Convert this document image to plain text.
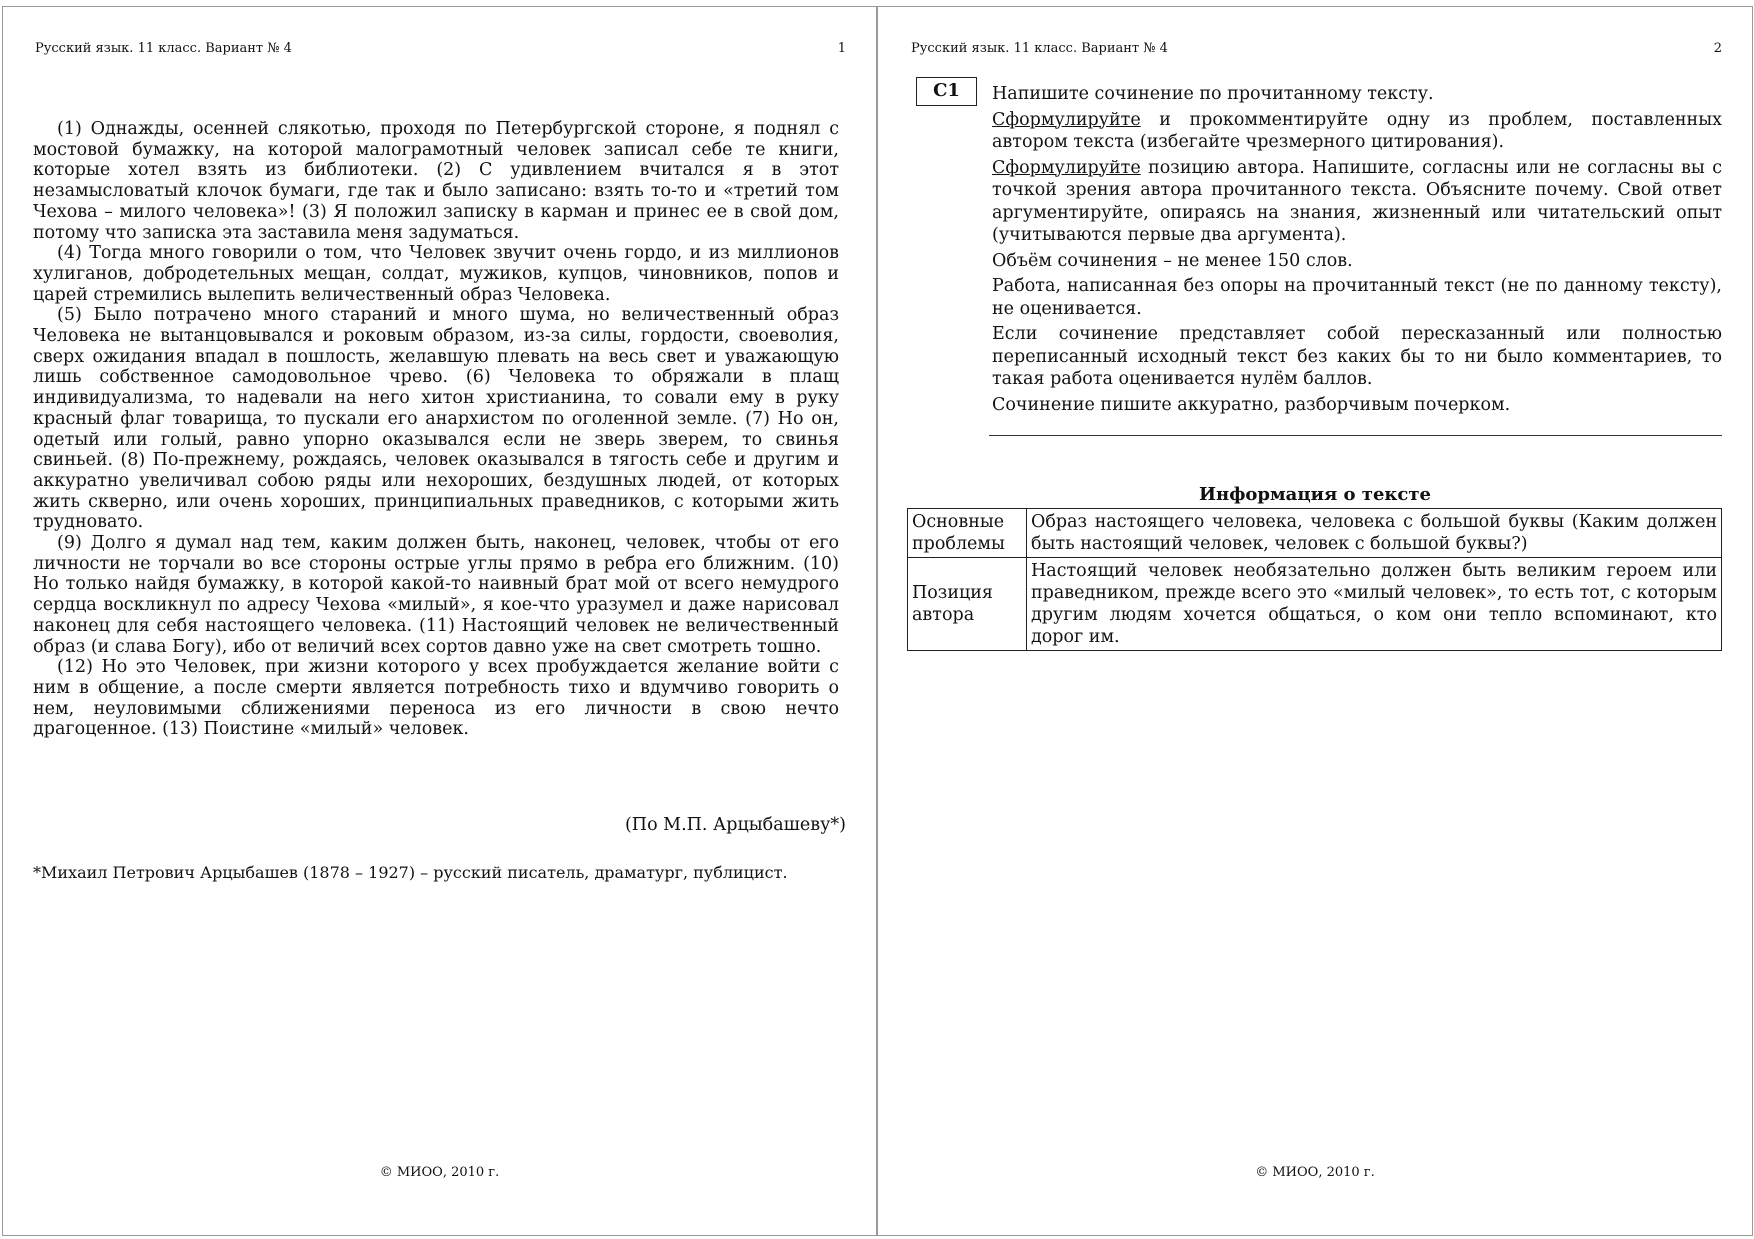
Русский язык. 11 класс. Вариант № 4	1

(1) Однажды, осенней слякотью, проходя по Петербургской стороне, я поднял с мостовой бумажку, на которой малограмотный человек записал себе те книги, которые хотел взять из библиотеки. (2) С удивлением вчитался я в этот незамысловатый клочок бумаги, где так и было записано: взять то-то и «третий том Чехова – милого человека»! (3) Я положил записку в карман и принес ее в свой дом, потому что записка эта заставила меня задуматься.

(4) Тогда много говорили о том, что Человек звучит очень гордо, и из миллионов хулиганов, добродетельных мещан, солдат, мужиков, купцов, чиновников, попов и царей стремились вылепить величественный образ Человека.

(5) Было потрачено много стараний и много шума, но величественный образ Человека не вытанцовывался и роковым образом, из-за силы, гордости, своеволия, сверх ожидания впадал в пошлость, желавшую плевать на весь свет и уважающую лишь собственное самодовольное чрево. (6) Человека то обряжали в плащ индивидуализма, то надевали на него хитон христианина, то совали ему в руку красный флаг товарища, то пускали его анархистом по оголенной земле. (7) Но он, одетый или голый, равно упорно оказывался если не зверь зверем, то свинья свиньей. (8) По-прежнему, рождаясь, человек оказывался в тягость себе и другим и аккуратно увеличивал собою ряды или нехороших, бездушных людей, от которых жить скверно, или очень хороших, принципиальных праведников, с которыми жить трудновато.

(9) Долго я думал над тем, каким должен быть, наконец, человек, чтобы от его личности не торчали во все стороны острые углы прямо в ребра его ближним. (10) Но только найдя бумажку, в которой какой-то наивный брат мой от всего немудрого сердца воскликнул по адресу Чехова «милый», я кое-что уразумел и даже нарисовал наконец для себя настоящего человека. (11) Настоящий человек не величественный образ (и слава Богу), ибо от величий всех сортов давно уже на свет смотреть тошно.

(12) Но это Человек, при жизни которого у всех пробуждается желание войти с ним в общение, а после смерти является потребность тихо и вдумчиво говорить о нем, неуловимыми сближениями переноса из его личности в свою нечто драгоценное. (13) Поистине «милый» человек.

(По М.П. Арцыбашеву*)
*Михаил Петрович Арцыбашев (1878 – 1927) – русский писатель, драматург, публицист.
© МИОО, 2010 г.
Русский язык. 11 класс. Вариант № 4	2
С1	Напишите сочинение по прочитанному тексту.

Сформулируйте и прокомментируйте одну из проблем, поставленных автором текста (избегайте чрезмерного цитирования).

Сформулируйте позицию автора. Напишите, согласны или не согласны вы с точкой зрения автора прочитанного текста. Объясните почему. Свой ответ аргументируйте, опираясь на знания, жизненный или читательский опыт (учитываются первые два аргумента).

Объём сочинения – не менее 150 слов.

Работа, написанная без опоры на прочитанный текст (не по данному тексту), не оценивается.

Если сочинение представляет собой пересказанный или полностью переписанный исходный текст без каких бы то ни было комментариев, то такая работа оценивается нулём баллов.

Сочинение пишите аккуратно, разборчивым почерком.

Информация о тексте
Основные проблемы	Образ настоящего человека, человека с большой буквы (Каким должен быть настоящий человек, человек с большой буквы?)
Позиция автора	Настоящий человек необязательно должен быть великим героем или праведником, прежде всего это «милый человек», то есть тот, с которым другим людям хочется общаться, о ком они тепло вспоминают, кто дорог им.
© МИОО, 2010 г.
